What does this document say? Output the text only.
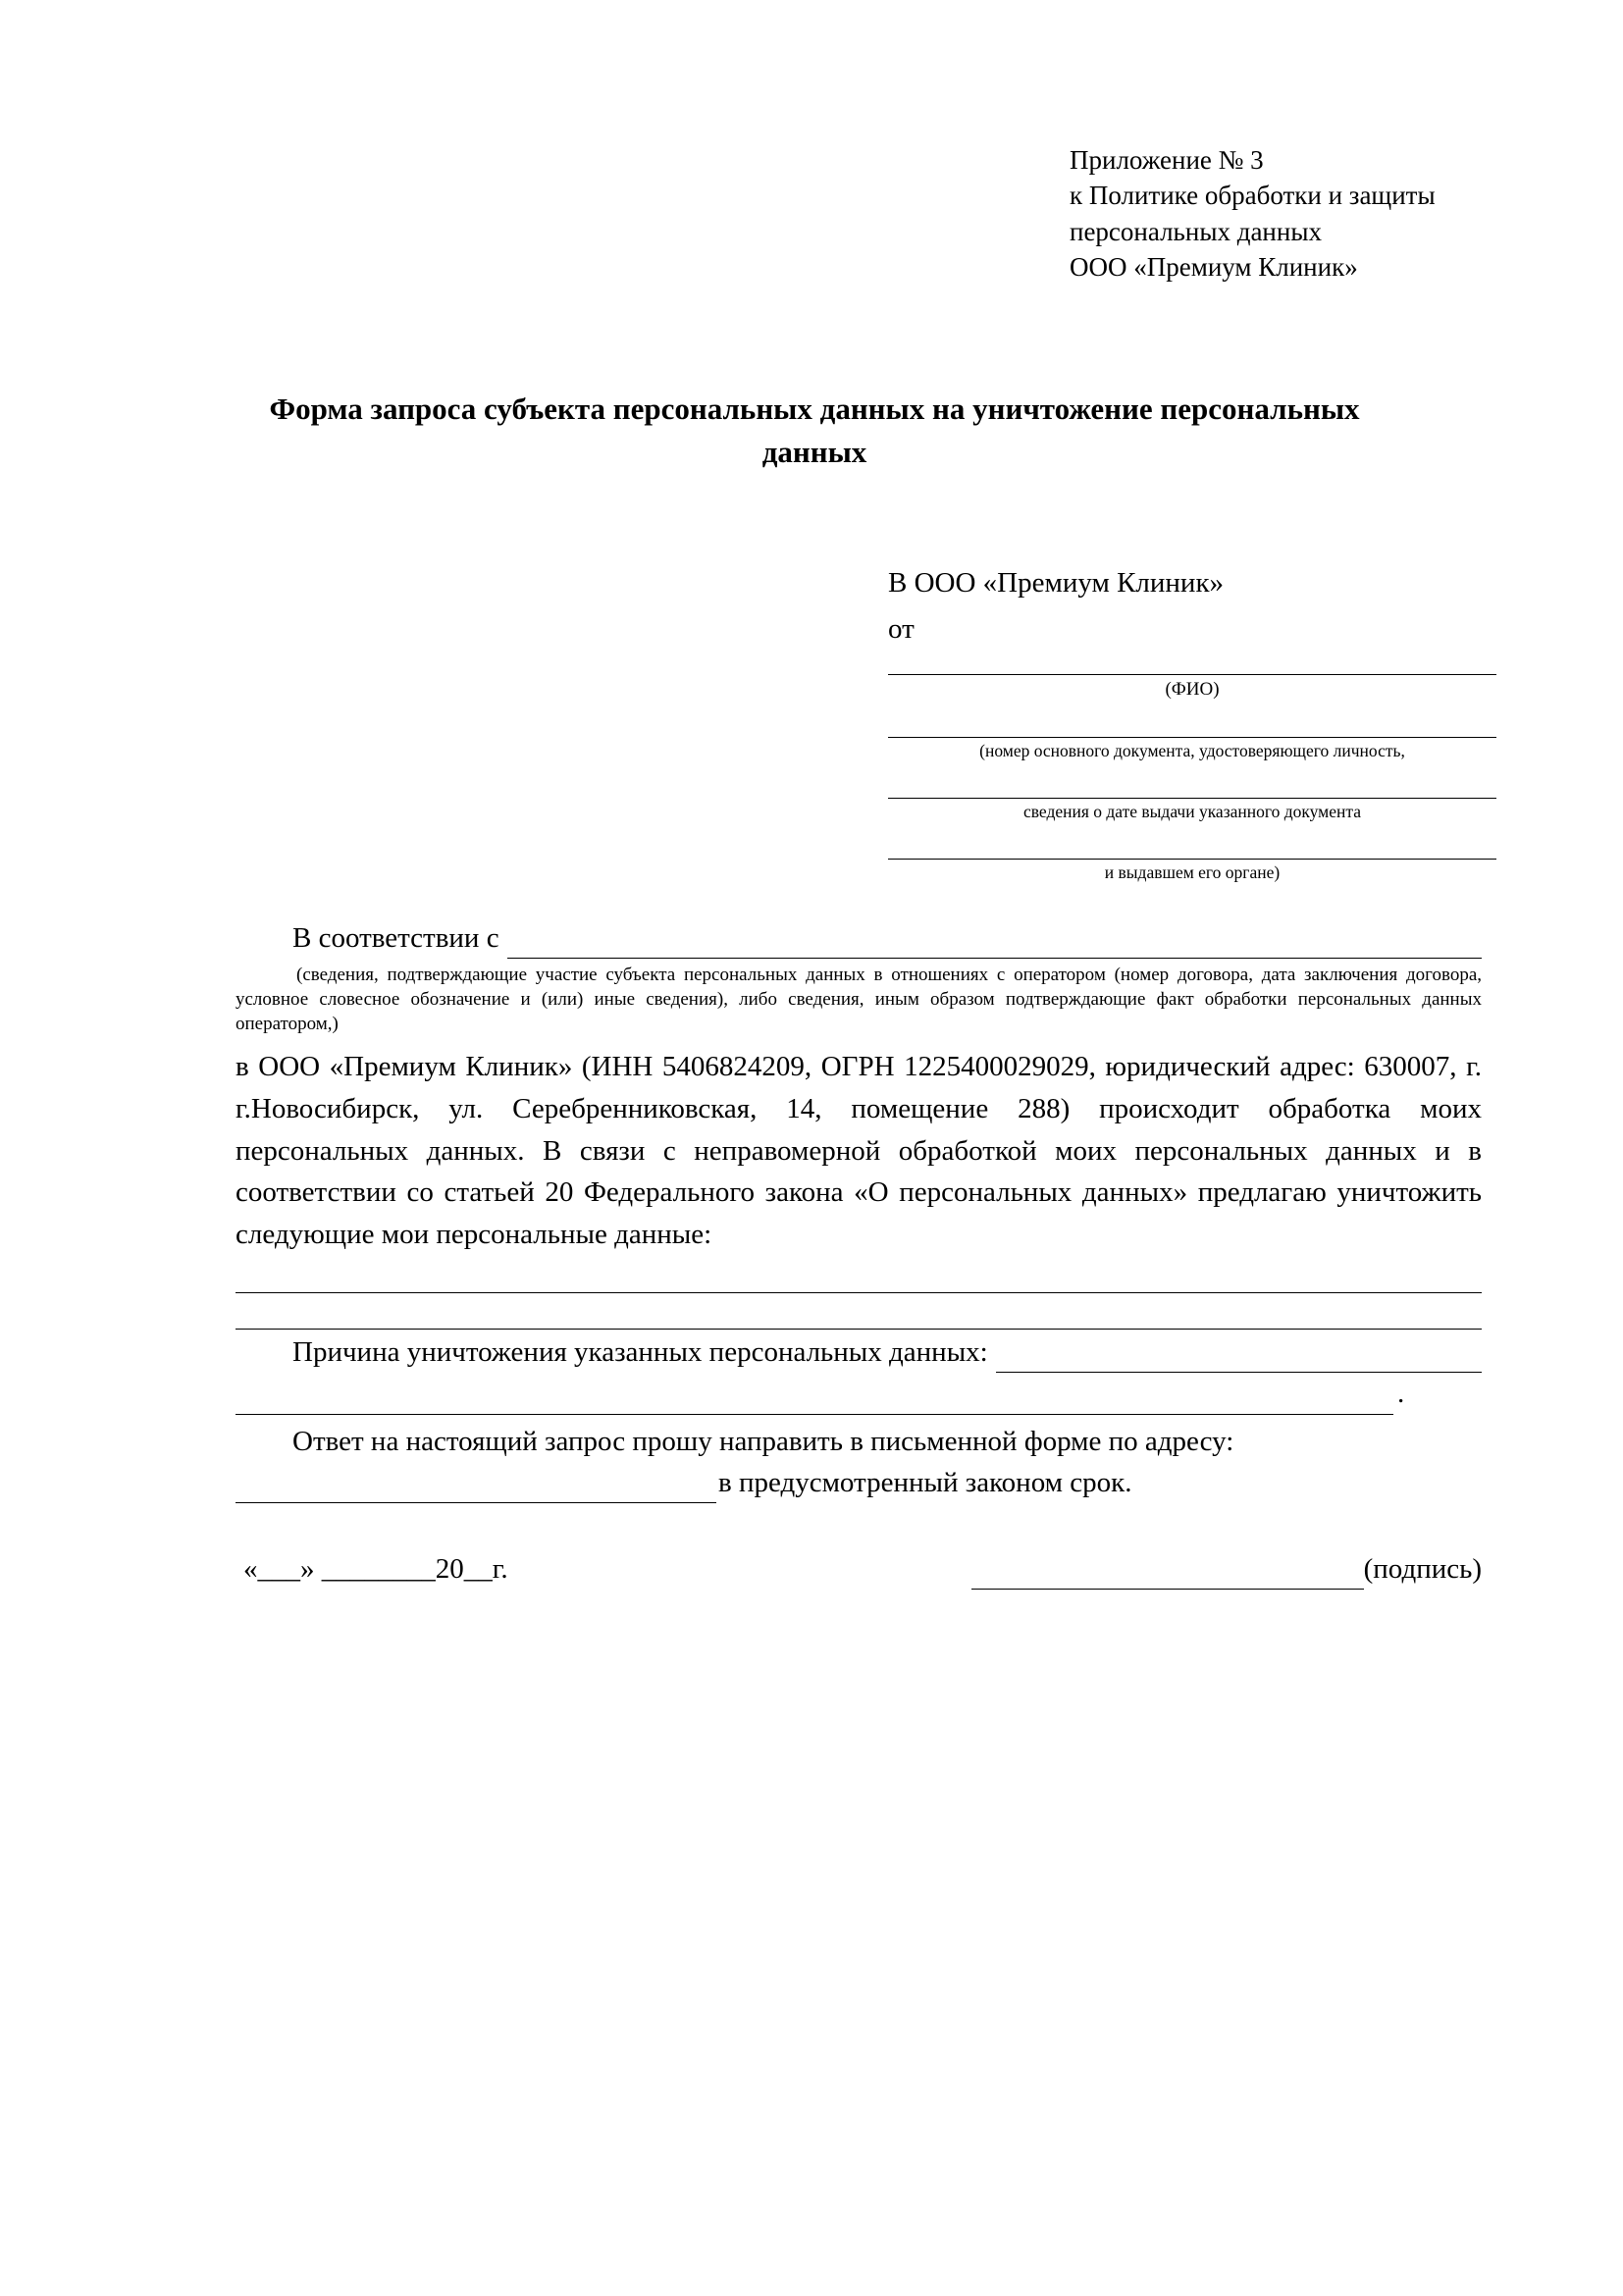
Приложение № 3
к Политике обработки и защиты
персональных данных
ООО «Премиум Клиник»
Форма запроса субъекта персональных данных на уничтожение персональных данных
В ООО «Премиум Клиник»
от
(ФИО)
(номер основного документа, удостоверяющего личность,
сведения о дате выдачи указанного документа
и выдавшем его органе)
В соответствии с
(сведения, подтверждающие участие субъекта персональных данных в отношениях с оператором (номер договора, дата заключения договора, условное словесное обозначение и (или) иные сведения), либо сведения, иным образом подтверждающие факт обработки персональных данных оператором,)
в ООО «Премиум Клиник» (ИНН 5406824209, ОГРН 1225400029029, юридический адрес: 630007, г. г.Новосибирск, ул. Серебренниковская, 14, помещение 288) происходит обработка моих персональных данных. В связи с неправомерной обработкой моих персональных данных и в соответствии со статьей 20 Федерального закона «О персональных данных» предлагаю уничтожить следующие мои персональные данные:
Причина уничтожения указанных персональных данных:
.
Ответ на настоящий запрос прошу направить в письменной форме по адресу:
в предусмотренный законом срок.
«___» ________20__г.	(подпись)
